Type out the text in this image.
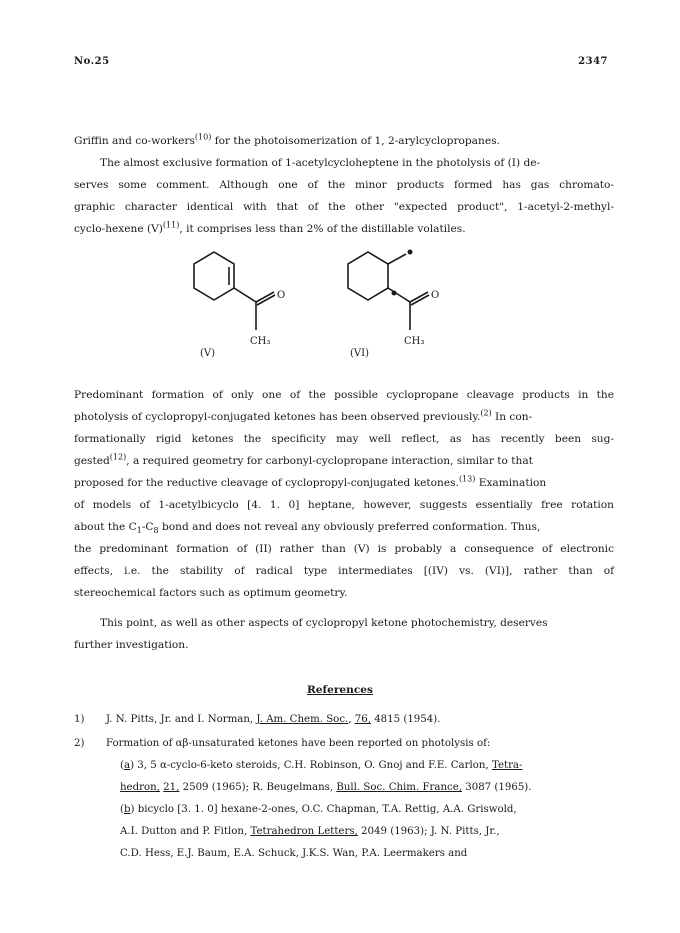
No.25	2347

Griffin and co-workers$^{(10)}$ for the photoisomerization of 1, 2-arylcyclopropanes.

The almost exclusive formation of 1-acetylcycloheptene in the photolysis of (I) de-

serves some comment. Although one of the minor products formed has gas chromato-

graphic character identical with that of the other "expected product", 1-acetyl-2-methyl-

cyclo-hexene $(V)^{(11)}$, it comprises less than 2% of the distillable volatiles.

O
CH₃
(V)
O
CH₃
(VI)

Predominant formation of only one of the possible cyclopropane cleavage products in the

photolysis of cyclopropyl-conjugated ketones has been observed previously.$^{(2)}$ In con-

formationally rigid ketones the specificity may well reflect, as has recently been sug-

gested$^{(12)}$, a required geometry for carbonyl-cyclopropane interaction, similar to that

proposed for the reductive cleavage of cyclopropyl-conjugated ketones.$^{(13)}$ Examination

of models of 1-acetylbicyclo [4. 1. 0] heptane, however, suggests essentially free rotation

about the $C_1-C_8$ bond and does not reveal any obviously preferred conformation. Thus,

the predominant formation of (II) rather than (V) is probably a consequence of electronic

effects, i.e. the stability of radical type intermediates [(IV) vs. (VI)], rather than of

stereochemical factors such as optimum geometry.

This point, as well as other aspects of cyclopropyl ketone photochemistry, deserves

further investigation.

References
1) J. N. Pitts, Jr. and I. Norman, J. Am. Chem. Soc., 76, 4815 (1954).
2) Formation of αβ-unsaturated ketones have been reported on photolysis of:
(a) 3, 5 α-cyclo-6-keto steroids, C.H. Robinson, O. Gnoj and F.E. Carlon, Tetra-
hedron, 21, 2509 (1965); R. Beugelmans, Bull. Soc. Chim. France, 3087 (1965).
(b) bicyclo [3. 1. 0] hexane-2-ones, O.C. Chapman, T.A. Rettig, A.A. Griswold,
A.I. Dutton and P. Fitlon, Tetrahedron Letters, 2049 (1963); J. N. Pitts, Jr.,
C.D. Hess, E.J. Baum, E.A. Schuck, J.K.S. Wan, P.A. Leermakers and
